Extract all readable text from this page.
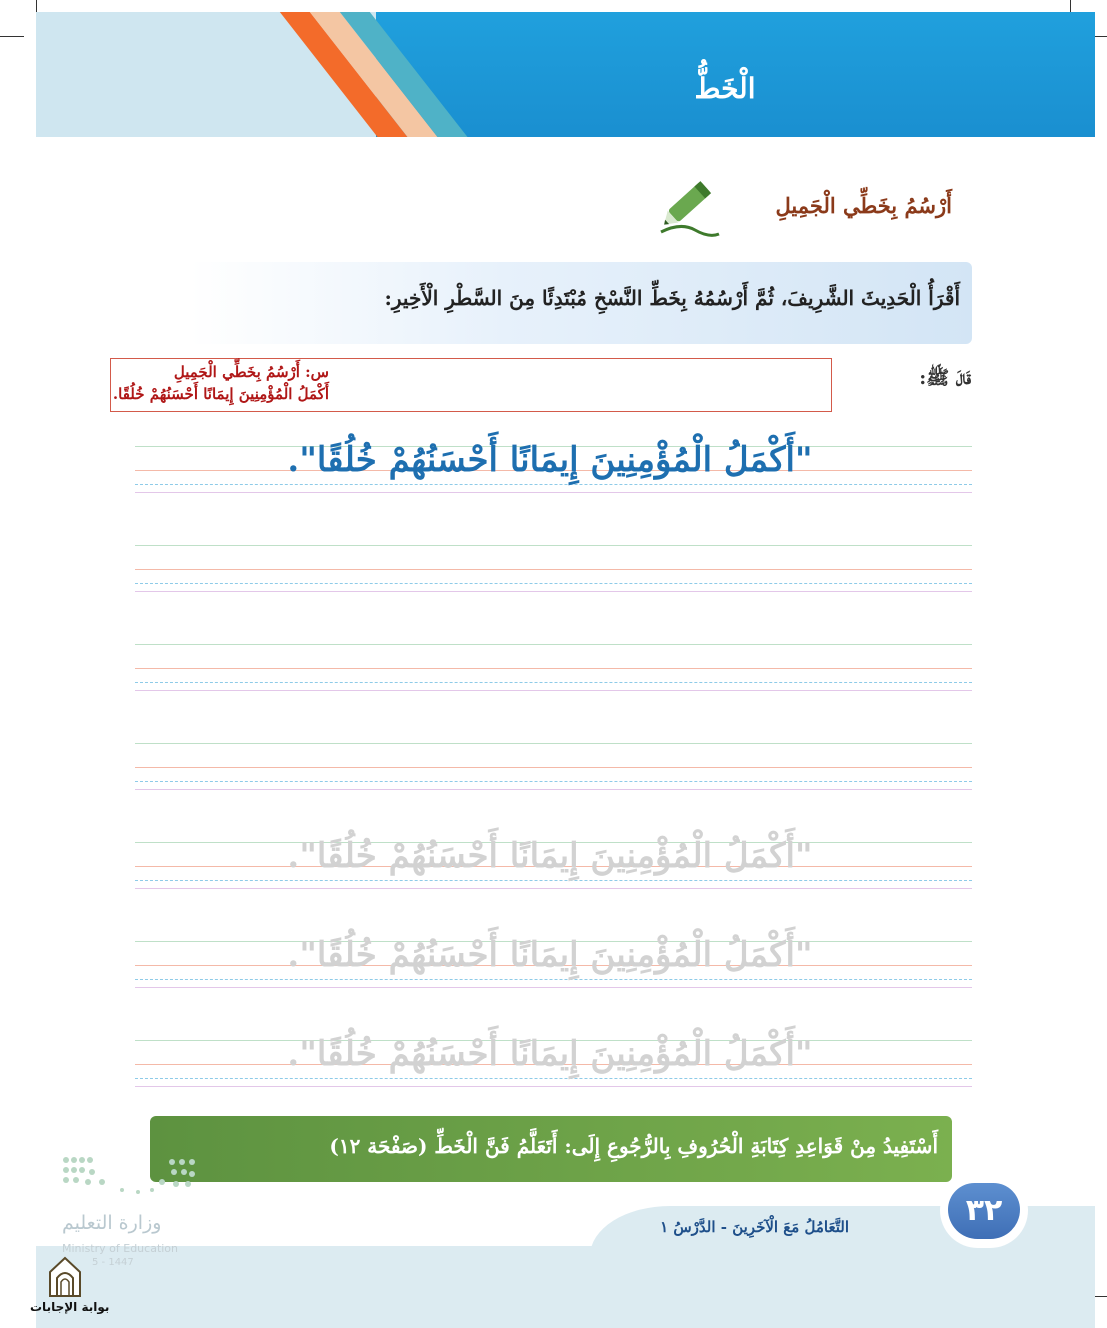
الْخَطُّ
أَرْسُمُ بِخَطِّي الْجَمِيلِ
أَقْرَأُ الْحَدِيثَ الشَّرِيفَ، ثُمَّ أَرْسُمُهُ بِخَطِّ النَّسْخِ مُبْتَدِئًا مِنَ السَّطْرِ الْأَخِيرِ:
قَالَ ﷺ:
س: أَرْسُمُ بِخَطِّي الْجَمِيلِ
أَكْمَلُ الْمُؤْمِنِينَ إِيمَانًا أَحْسَنُهُمْ خُلُقًا.
"أَكْمَلُ الْمُؤْمِنِينَ إِيمَانًا أَحْسَنُهُمْ خُلُقًا".
"أَكْمَلُ الْمُؤْمِنِينَ إِيمَانًا أَحْسَنُهُمْ خُلُقًا".
"أَكْمَلُ الْمُؤْمِنِينَ إِيمَانًا أَحْسَنُهُمْ خُلُقًا".
"أَكْمَلُ الْمُؤْمِنِينَ إِيمَانًا أَحْسَنُهُمْ خُلُقًا".
أَسْتَفِيدُ مِنْ قَوَاعِدِ كِتَابَةِ الْحُرُوفِ بِالرُّجُوعِ إِلَى: أَتَعَلَّمُ فَنَّ الْخَطِّ (صَفْحَة ١٢)
٣٢
التَّعَامُلُ مَعَ الْآخَرِينَ - الدَّرْسُ ١
وزارة التعليم
Ministry of Education
5 - 1447
بوابة الإجابات
